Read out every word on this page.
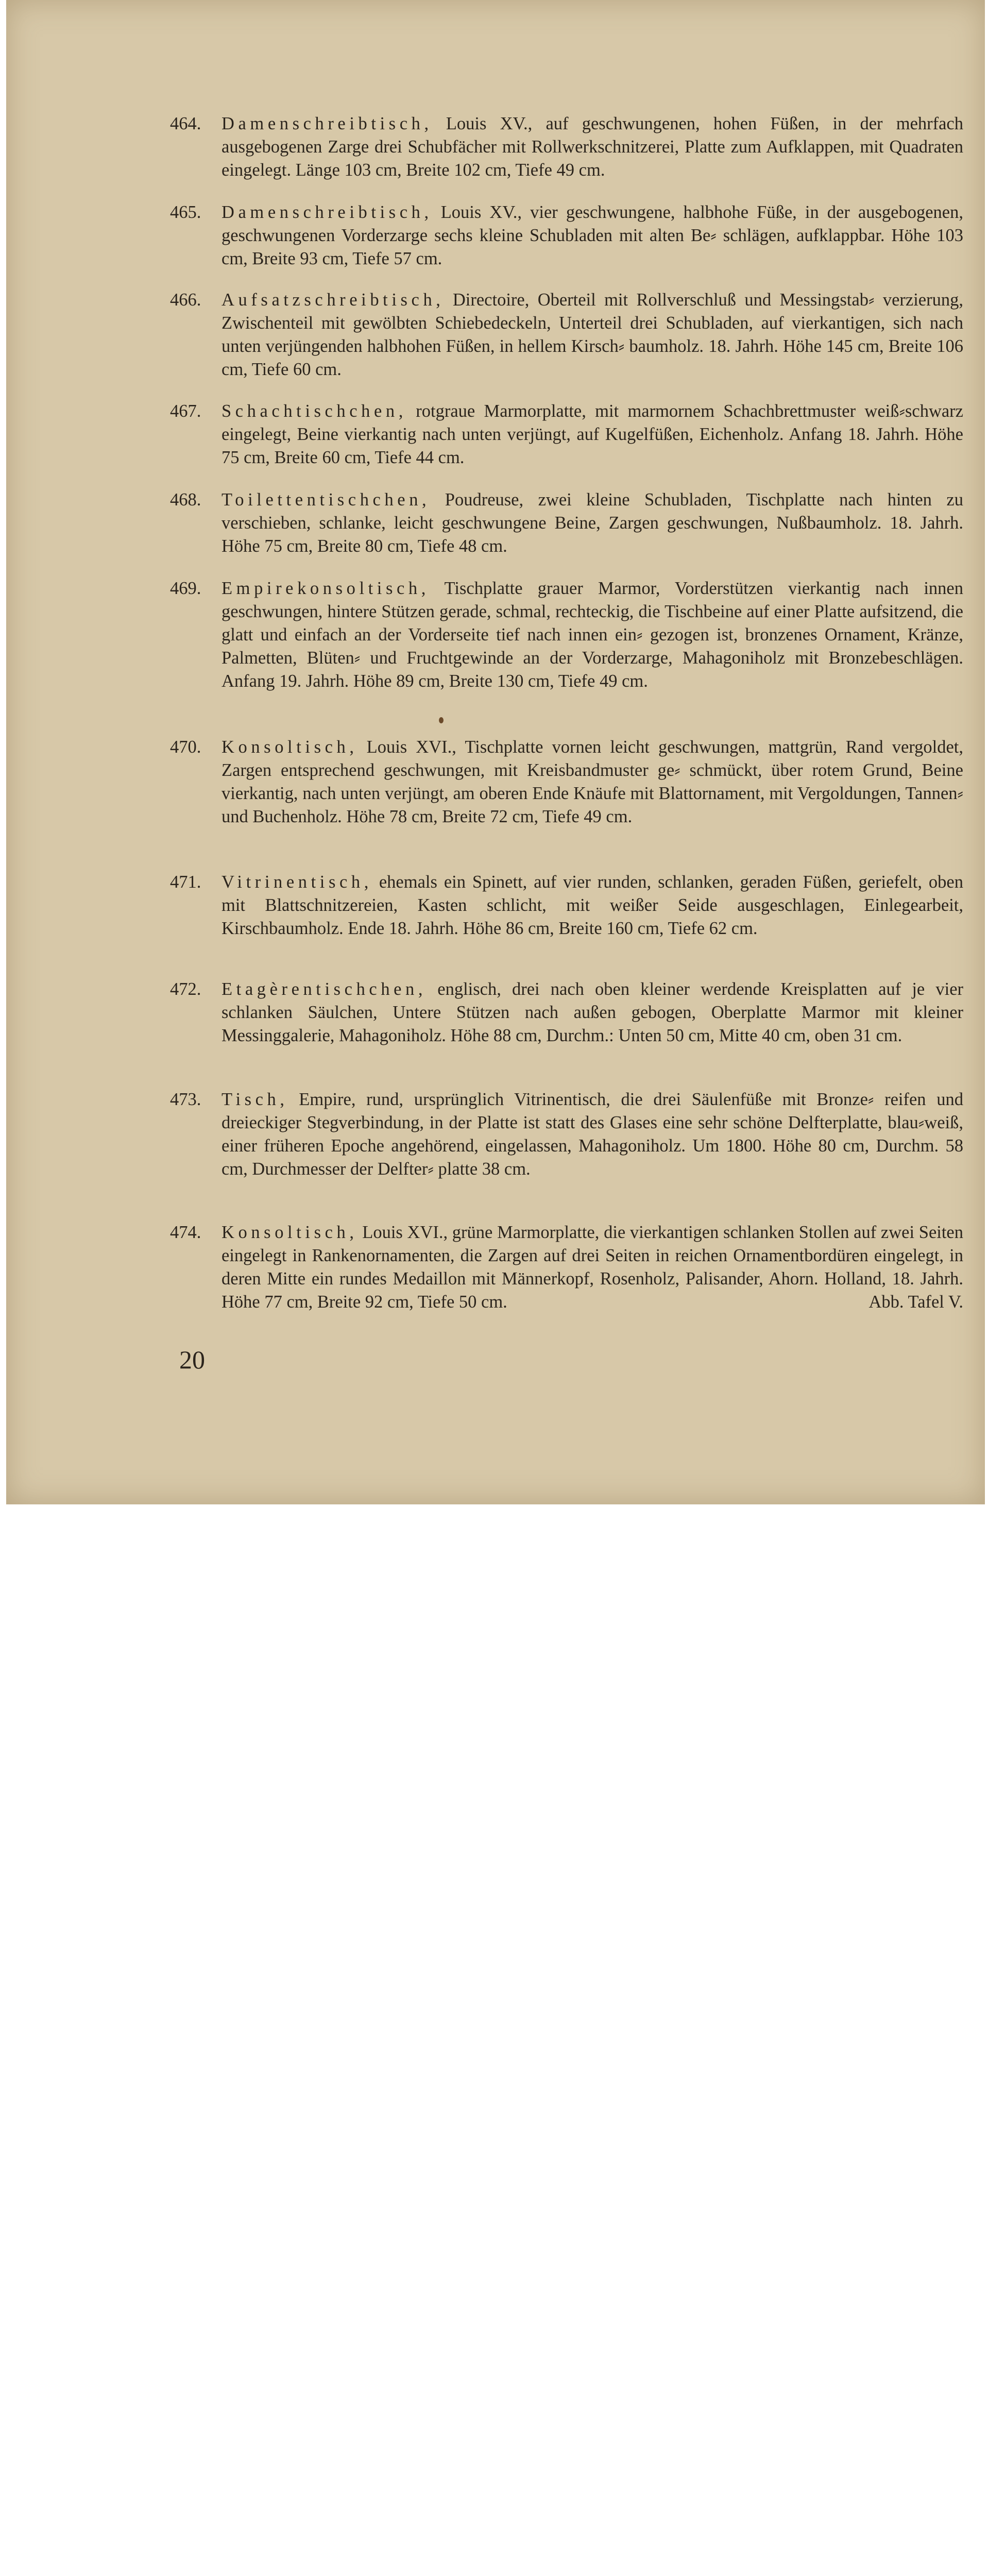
464.	Damenschreibtisch, Louis XV., auf geschwungenen, hohen Füßen, in der mehrfach ausgebogenen Zarge drei Schubfächer mit Rollwerkschnitzerei, Platte zum Aufklappen, mit Quadraten eingelegt. Länge 103 cm, Breite 102 cm, Tiefe 49 cm.
465.	Damenschreibtisch, Louis XV., vier geschwungene, halbhohe Füße, in der ausgebogenen, geschwungenen Vorderzarge sechs kleine Schubladen mit alten Be⸗ schlägen, aufklappbar. Höhe 103 cm, Breite 93 cm, Tiefe 57 cm.
466.	Aufsatzschreibtisch, Directoire, Oberteil mit Rollverschluß und Messingstab⸗ verzierung, Zwischenteil mit gewölbten Schiebedeckeln, Unterteil drei Schubladen, auf vierkantigen, sich nach unten verjüngenden halbhohen Füßen, in hellem Kirsch⸗ baumholz. 18. Jahrh. Höhe 145 cm, Breite 106 cm, Tiefe 60 cm.
467.	Schachtischchen, rotgraue Marmorplatte, mit marmornem Schachbrettmuster weiß⸗schwarz eingelegt, Beine vierkantig nach unten verjüngt, auf Kugelfüßen, Eichenholz. Anfang 18. Jahrh. Höhe 75 cm, Breite 60 cm, Tiefe 44 cm.
468.	Toilettentischchen, Poudreuse, zwei kleine Schubladen, Tischplatte nach hinten zu verschieben, schlanke, leicht geschwungene Beine, Zargen geschwungen, Nußbaumholz. 18. Jahrh. Höhe 75 cm, Breite 80 cm, Tiefe 48 cm.
469.	Empirekonsoltisch, Tischplatte grauer Marmor, Vorderstützen vierkantig nach innen geschwungen, hintere Stützen gerade, schmal, rechteckig, die Tischbeine auf einer Platte aufsitzend, die glatt und einfach an der Vorderseite tief nach innen ein⸗ gezogen ist, bronzenes Ornament, Kränze, Palmetten, Blüten⸗ und Fruchtgewinde an der Vorderzarge, Mahagoniholz mit Bronzebeschlägen. Anfang 19. Jahrh. Höhe 89 cm, Breite 130 cm, Tiefe 49 cm.
470.	Konsoltisch, Louis XVI., Tischplatte vornen leicht geschwungen, mattgrün, Rand vergoldet, Zargen entsprechend geschwungen, mit Kreisbandmuster ge⸗ schmückt, über rotem Grund, Beine vierkantig, nach unten verjüngt, am oberen Ende Knäufe mit Blattornament, mit Vergoldungen, Tannen⸗ und Buchenholz. Höhe 78 cm, Breite 72 cm, Tiefe 49 cm.
471.	Vitrinentisch, ehemals ein Spinett, auf vier runden, schlanken, geraden Füßen, geriefelt, oben mit Blattschnitzereien, Kasten schlicht, mit weißer Seide ausgeschlagen, Einlegearbeit, Kirschbaumholz. Ende 18. Jahrh. Höhe 86 cm, Breite 160 cm, Tiefe 62 cm.
472.	Etagèrentischchen, englisch, drei nach oben kleiner werdende Kreisplatten auf je vier schlanken Säulchen, Untere Stützen nach außen gebogen, Oberplatte Marmor mit kleiner Messinggalerie, Mahagoniholz. Höhe 88 cm, Durchm.: Unten 50 cm, Mitte 40 cm, oben 31 cm.
473.	Tisch, Empire, rund, ursprünglich Vitrinentisch, die drei Säulenfüße mit Bronze⸗ reifen und dreieckiger Stegverbindung, in der Platte ist statt des Glases eine sehr schöne Delfterplatte, blau⸗weiß, einer früheren Epoche angehörend, eingelassen, Mahagoniholz. Um 1800. Höhe 80 cm, Durchm. 58 cm, Durchmesser der Delfter⸗ platte 38 cm.
474.	Konsoltisch, Louis XVI., grüne Marmorplatte, die vierkantigen schlanken Stollen auf zwei Seiten eingelegt in Rankenornamenten, die Zargen auf drei Seiten in reichen Ornamentbordüren eingelegt, in deren Mitte ein rundes Medaillon mit Männerkopf, Rosenholz, Palisander, Ahorn. Holland, 18. Jahrh. Höhe 77 cm, Breite 92 cm, Tiefe 50 cm.	Abb. Tafel V.
20
